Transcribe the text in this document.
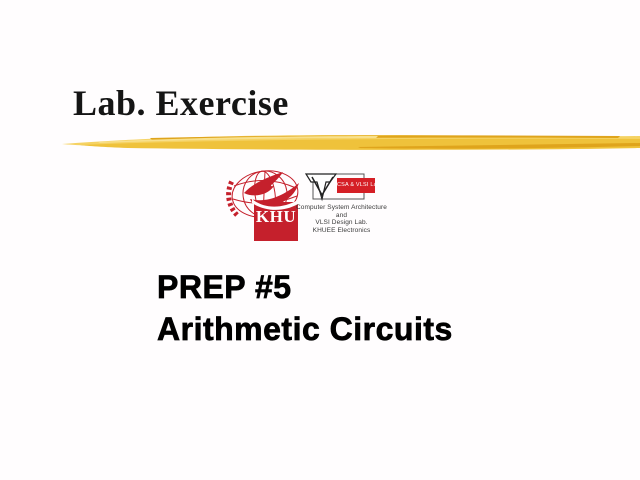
Lab. Exercise
KHU
CSA & VLSI Lab.
Computer System Architecture
and
VLSI Design Lab.
KHUEE Electronics

PREP #5

Arithmetic Circuits
